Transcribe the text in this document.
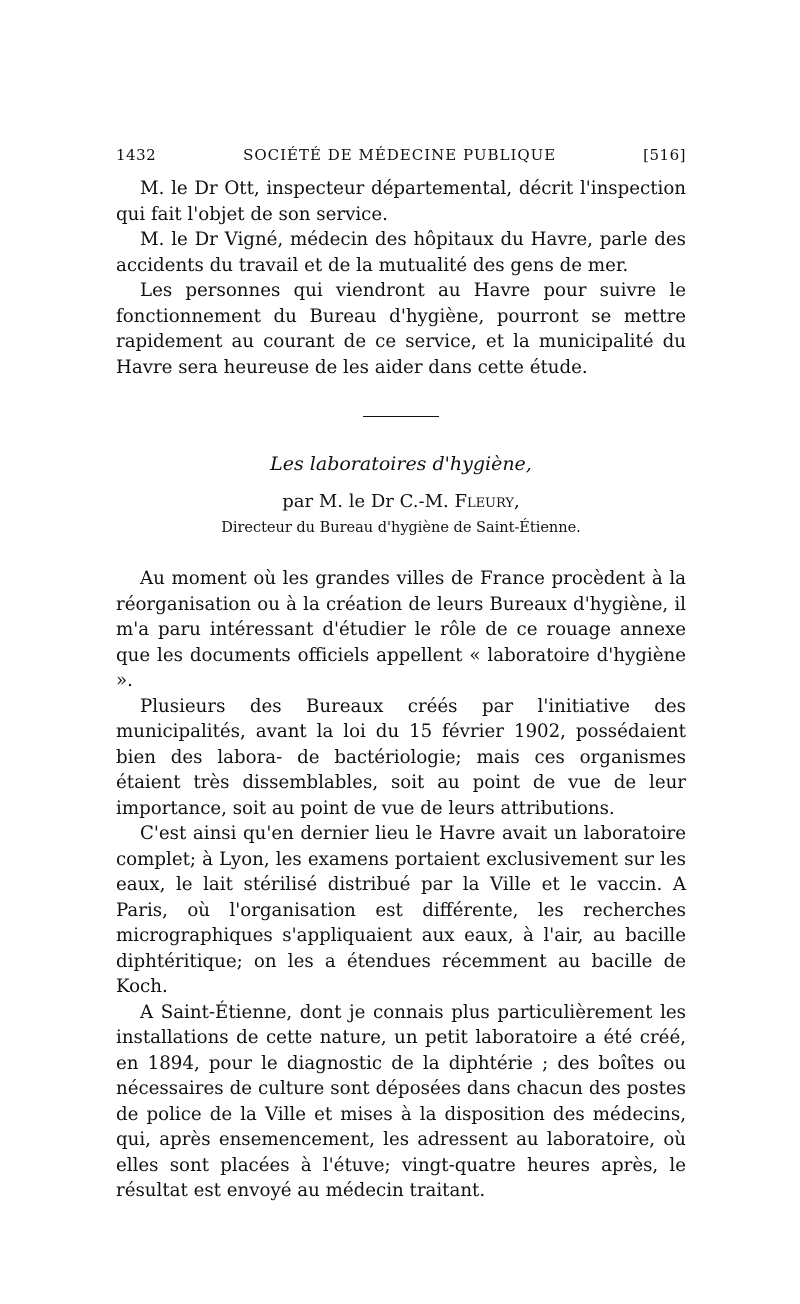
1432	SOCIÉTÉ DE MÉDECINE PUBLIQUE	[516]

M. le Dr Ott, inspecteur départemental, décrit l'inspection qui fait l'objet de son service.

M. le Dr Vigné, médecin des hôpitaux du Havre, parle des accidents du travail et de la mutualité des gens de mer.

Les personnes qui viendront au Havre pour suivre le fonctionnement du Bureau d'hygiène, pourront se mettre rapidement au courant de ce service, et la municipalité du Havre sera heureuse de les aider dans cette étude.

Les laboratoires d'hygiène,
par M. le Dr C.-M. Fleury,
Directeur du Bureau d'hygiène de Saint-Étienne.

Au moment où les grandes villes de France procèdent à la réorganisation ou à la création de leurs Bureaux d'hygiène, il m'a paru intéressant d'étudier le rôle de ce rouage annexe que les documents officiels appellent « laboratoire d'hygiène ».

Plusieurs des Bureaux créés par l'initiative des municipalités, avant la loi du 15 février 1902, possédaient bien des labora- de bactériologie; mais ces organismes étaient très dissemblables, soit au point de vue de leur importance, soit au point de vue de leurs attributions.

C'est ainsi qu'en dernier lieu le Havre avait un laboratoire complet; à Lyon, les examens portaient exclusivement sur les eaux, le lait stérilisé distribué par la Ville et le vaccin. A Paris, où l'organisation est différente, les recherches micrographiques s'appliquaient aux eaux, à l'air, au bacille diphtéritique; on les a étendues récemment au bacille de Koch.

A Saint-Étienne, dont je connais plus particulièrement les installations de cette nature, un petit laboratoire a été créé, en 1894, pour le diagnostic de la diphtérie ; des boîtes ou nécessaires de culture sont déposées dans chacun des postes de police de la Ville et mises à la disposition des médecins, qui, après ensemencement, les adressent au laboratoire, où elles sont placées à l'étuve; vingt-quatre heures après, le résultat est envoyé au médecin traitant.
